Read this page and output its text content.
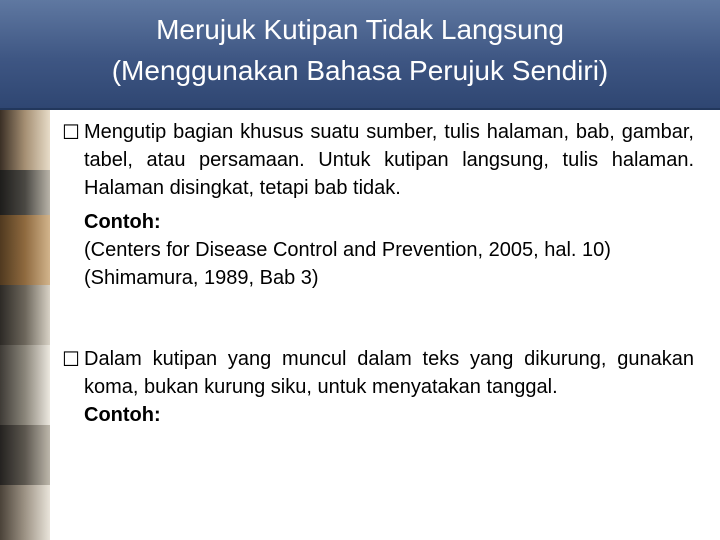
Merujuk Kutipan Tidak Langsung
(Menggunakan Bahasa Perujuk Sendiri)
☐ Mengutip bagian khusus suatu sumber, tulis halaman, bab, gambar, tabel, atau persamaan. Untuk kutipan langsung, tulis halaman. Halaman disingkat, tetapi bab tidak.
Contoh:
(Centers for Disease Control and Prevention, 2005, hal. 10)
(Shimamura, 1989, Bab 3)
☐ Dalam kutipan yang muncul dalam teks yang dikurung, gunakan koma, bukan kurung siku, untuk menyatakan tanggal.
Contoh:
